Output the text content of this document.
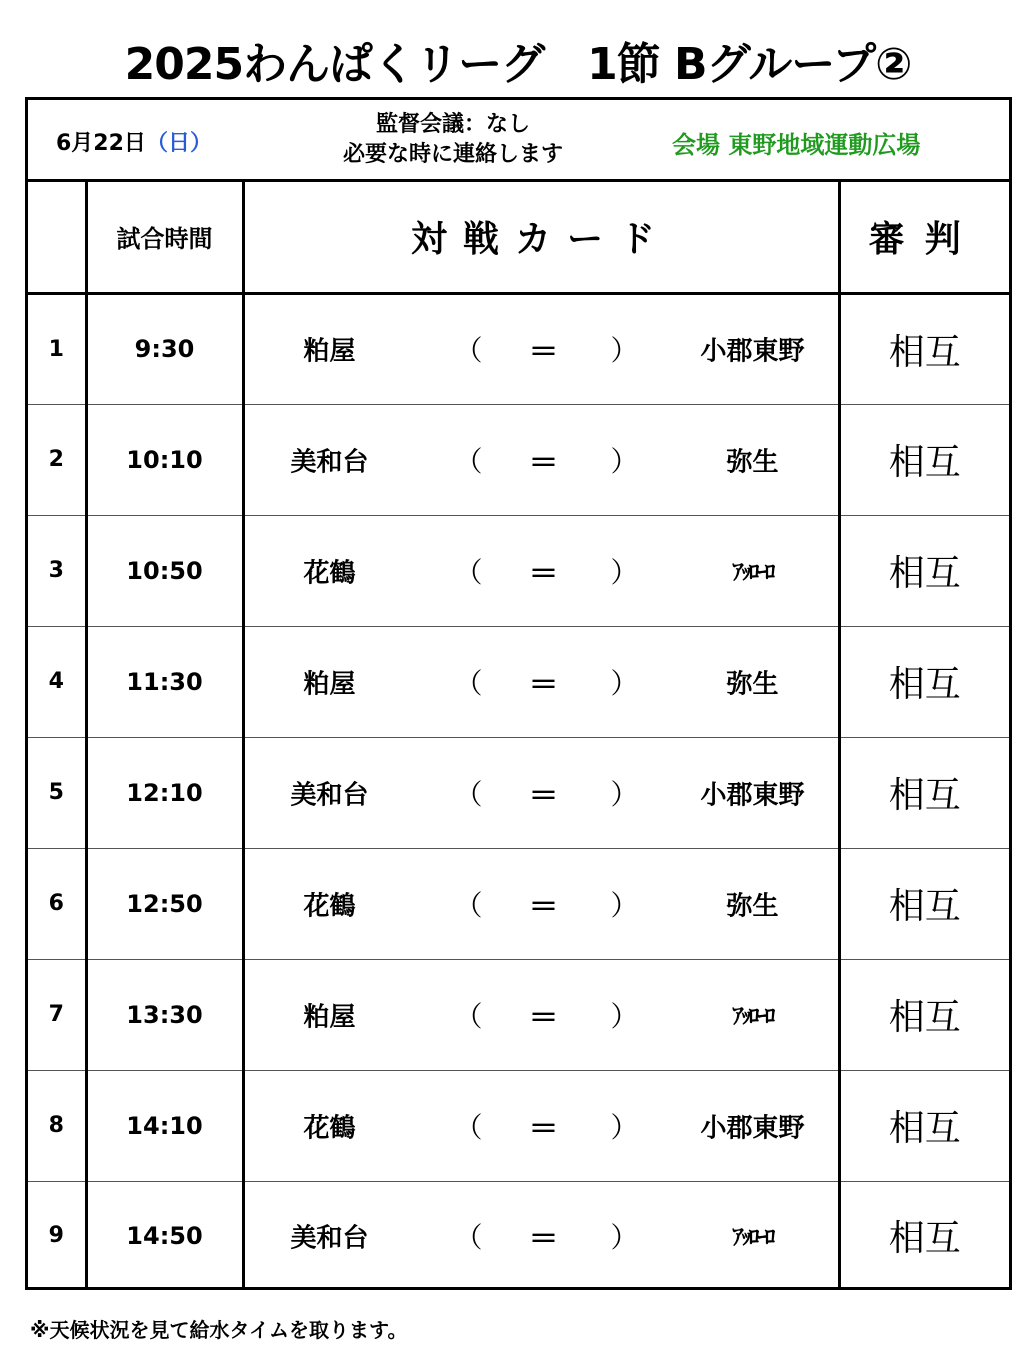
2025わんぱくリーグ　1節 Bグループ②
6月22日（日）
監督会議：なし
必要な時に連絡します	会場 東野地域運動広場
	試合時間	対戦カード	審判
1	9:30	粕屋 （ ＝ ） 小郡東野	相互
2	10:10	美和台 （ ＝ ） 弥生	相互
3	10:50	花鶴 （ ＝ ） ｱｯﾛｰﾛ	相互
4	11:30	粕屋 （ ＝ ） 弥生	相互
5	12:10	美和台 （ ＝ ） 小郡東野	相互
6	12:50	花鶴 （ ＝ ） 弥生	相互
7	13:30	粕屋 （ ＝ ） ｱｯﾛｰﾛ	相互
8	14:10	花鶴 （ ＝ ） 小郡東野	相互
9	14:50	美和台 （ ＝ ） ｱｯﾛｰﾛ	相互
※天候状況を見て給水タイムを取ります。
